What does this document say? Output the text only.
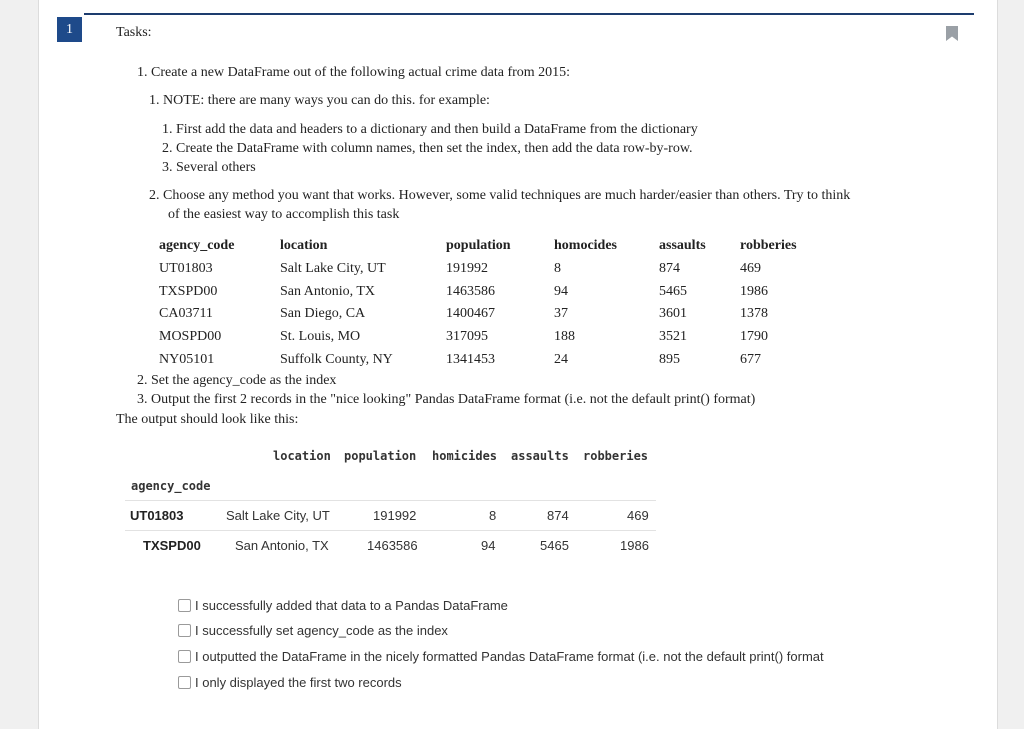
1	Tasks:
1. Create a new DataFrame out of the following actual crime data from 2015:
1. NOTE: there are many ways you can do this. for example:
1. First add the data and headers to a dictionary and then build a DataFrame from the dictionary
2. Create the DataFrame with column names, then set the index, then add the data row-by-row.
3. Several others
2. Choose any method you want that works. However, some valid techniques are much harder/easier than others. Try to think
of the easiest way to accomplish this task
agency_code	location	population	homocides	assaults robberies
UT01803	Salt Lake City, UT	191992	8	874	469
TXSPD00	San Antonio, TX	1463586	94	5465	1986
CA03711	San Diego, CA	1400467	37	3601	1378
MOSPD00	St. Louis, MO	317095	188	3521	1790
NY05101	Suffolk County, NY	1341453	24	895	677
2. Set the agency_code as the index
3. Output the first 2 records in the "nice looking" Pandas DataFrame format (i.e. not the default print() format)
The output should look like this:
location population homicides assaults robberies
agency_code
UT01803	Salt Lake City, UT	191992	8	874	469
TXSPD00	San Antonio, TX	1463586	94	5465	1986
I successfully added that data to a Pandas DataFrame
I successfully set agency_code as the index
I outputted the DataFrame in the nicely formatted Pandas DataFrame format (i.e. not the default print() format
I only displayed the first two records
